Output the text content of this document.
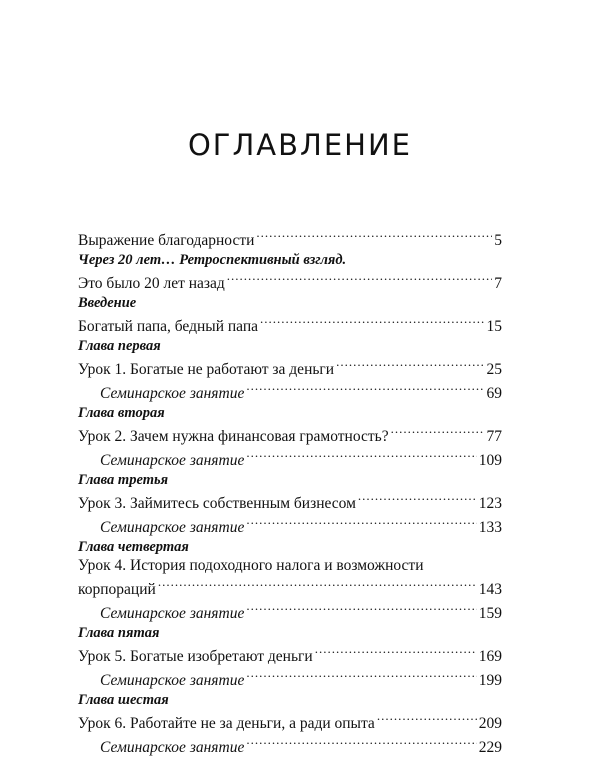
ОГЛАВЛЕНИЕ
Выражение благодарности .....	5
Через 20 лет… Ретроспективный взгляд.
Это было 20 лет назад .....	7
Введение
Богатый папа, бедный папа .....	15
Глава первая
Урок 1. Богатые не работают за деньги .....	25
Семинарское занятие .....	69
Глава вторая
Урок 2. Зачем нужна финансовая грамотность? .....	77
Семинарское занятие .....	109
Глава третья
Урок 3. Займитесь собственным бизнесом .....	123
Семинарское занятие .....	133
Глава четвертая
Урок 4. История подоходного налога и возможности
корпораций .....	143
Семинарское занятие .....	159
Глава пятая
Урок 5. Богатые изобретают деньги .....	169
Семинарское занятие .....	199
Глава шестая
Урок 6. Работайте не за деньги, а ради опыта .....	209
Семинарское занятие .....	229
